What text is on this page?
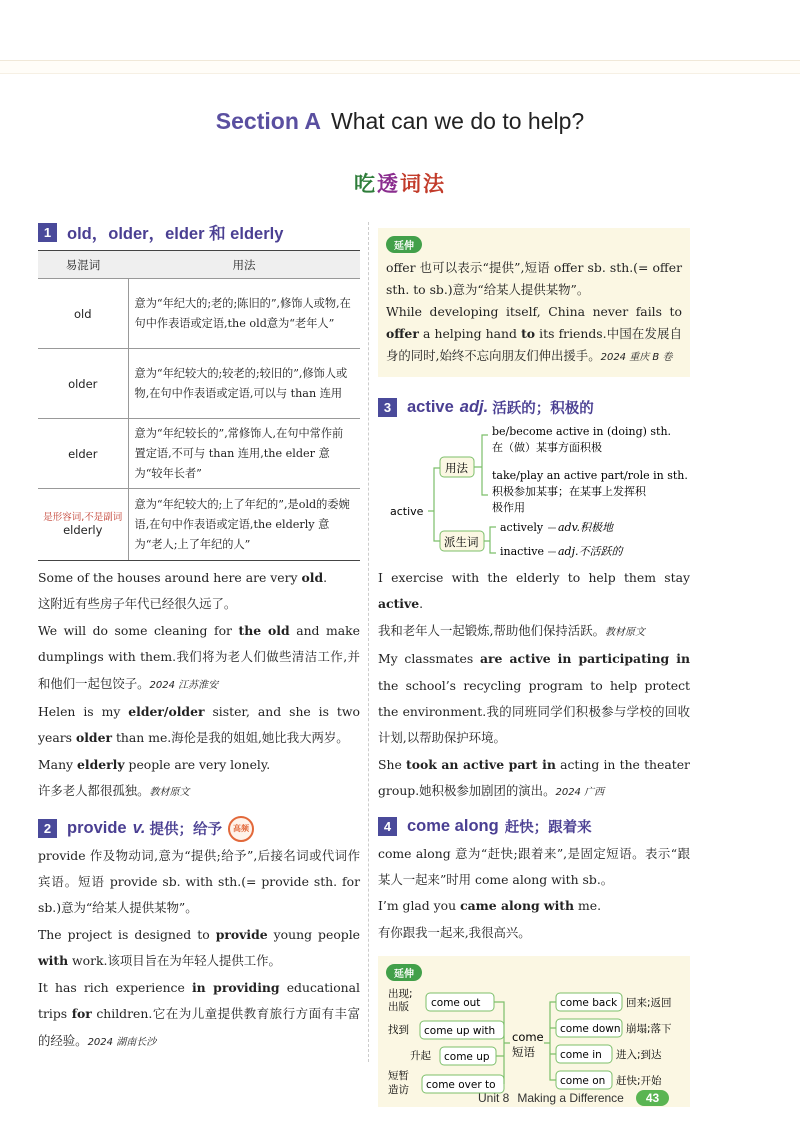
Section A What can we do to help?
吃透词法
1 old，older，elder 和 elderly
易混词	用法
old	意为“年纪大的;老的;陈旧的”,修饰人或物,在句中作表语或定语,the old意为“老年人”
older	意为“年纪较大的;较老的;较旧的”,修饰人或物,在句中作表语或定语,可以与 than 连用
elder	意为“年纪较长的”,常修饰人,在句中常作前置定语,不可与 than 连用,the elder 意为“较年长者”

是形容词,不是副词
elderly	意为“年纪较大的;上了年纪的”,是old的委婉语,在句中作表语或定语,the elderly 意为“老人;上了年纪的人”
Some of the houses around here are very old.
这附近有些房子年代已经很久远了。
We will do some cleaning for the old and make dumplings with them.我们将为老人们做些清洁工作,并和他们一起包饺子。2024 江苏淮安
Helen is my elder/older sister, and she is two years older than me.海伦是我的姐姐,她比我大两岁。
Many elderly people are very lonely.
许多老人都很孤独。教材原文
2 provide v. 提供；给予	高频
provide 作及物动词,意为“提供;给予”,后接名词或代词作宾语。短语 provide sb. with sth.(= provide sth. for sb.)意为“给某人提供某物”。
The project is designed to provide young people with work.该项目旨在为年轻人提供工作。
It has rich experience in providing educational trips for children.它在为儿童提供教育旅行方面有丰富的经验。2024 湖南长沙
延伸
offer 也可以表示“提供”,短语 offer sb. sth.(= offer sth. to sb.)意为“给某人提供某物”。
While developing itself, China never fails to offer a helping hand to its friends.中国在发展自身的同时,始终不忘向朋友们伸出援手。2024 重庆 B 卷
3 active adj. 活跃的；积极的
active
用法
be/become active in (doing) sth.
在（做）某事方面积极
take/play an active part/role in sth.
积极参加某事；在某事上发挥积
极作用
派生词
actively adv.积极地
inactive adj.不活跃的
I exercise with the elderly to help them stay active.
我和老年人一起锻炼,帮助他们保持活跃。教材原文
My classmates are active in participating in the school’s recycling program to help protect the environment.我的同班同学们积极参与学校的回收计划,以帮助保护环境。
She took an active part in acting in the theater group.她积极参加剧团的演出。2024 广西
4 come along 赶快；跟着来
come along 意为“赶快;跟着来”,是固定短语。表示“跟某人一起来”时用 come along with sb.。
I’m glad you came along with me.
有你跟我一起来,我很高兴。
延伸
出现;
出版 come out
找到 come up with
升起 come up
短暂
造访 come over to
come
短语
come back 回来;返回
come down 崩塌;落下
come in 进入;到达
come on 赶快;开始
Unit 8 Making a Difference	43
